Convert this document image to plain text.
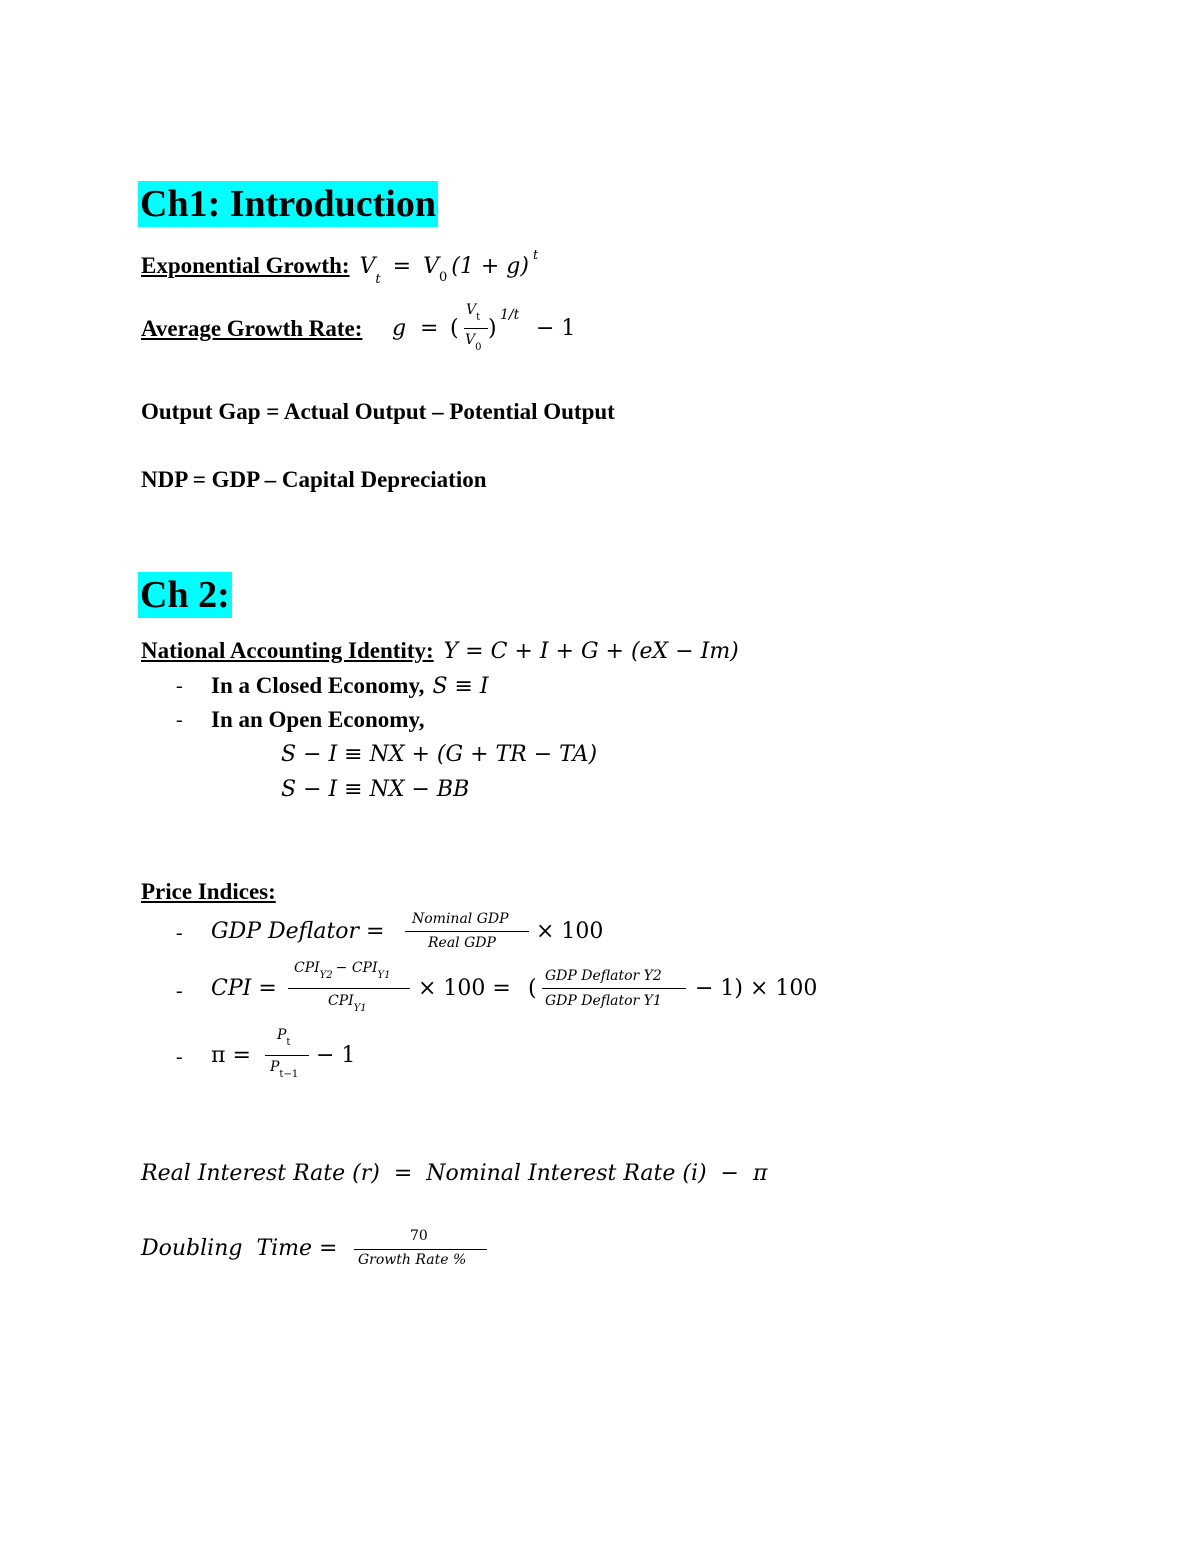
Ch1: Introduction
Exponential Growth: $V_t = V_0$ (1 + g) $^t$
Average Growth Rate: g = (
$V_t$
$V_0$
)
1/t
− 1
Output Gap = Actual Output – Potential Output
NDP = GDP – Capital Depreciation
Ch 2:
National Accounting Identity: Y = C + I + G + (eX − Im)
- In a Closed Economy, S ≡ I
- In an Open Economy,
S − I ≡ NX + (G + TR − TA)
S − I ≡ NX − BB
Price Indices:
- GDP Deflator = Nominal GDP
Real GDP × 100
- CPI =
$CPI_{Y2} - CPI_{Y1}$
$CPI_{Y1}$
× 100 = ( GDP Deflator Y2
GDP Deflator Y1 − 1) × 100
- π =
$P_t$
$P_{t-1}$
− 1
Real Interest Rate (r)  =  Nominal Interest Rate (i)  −  π
Doubling  Time =	70
Growth Rate %
